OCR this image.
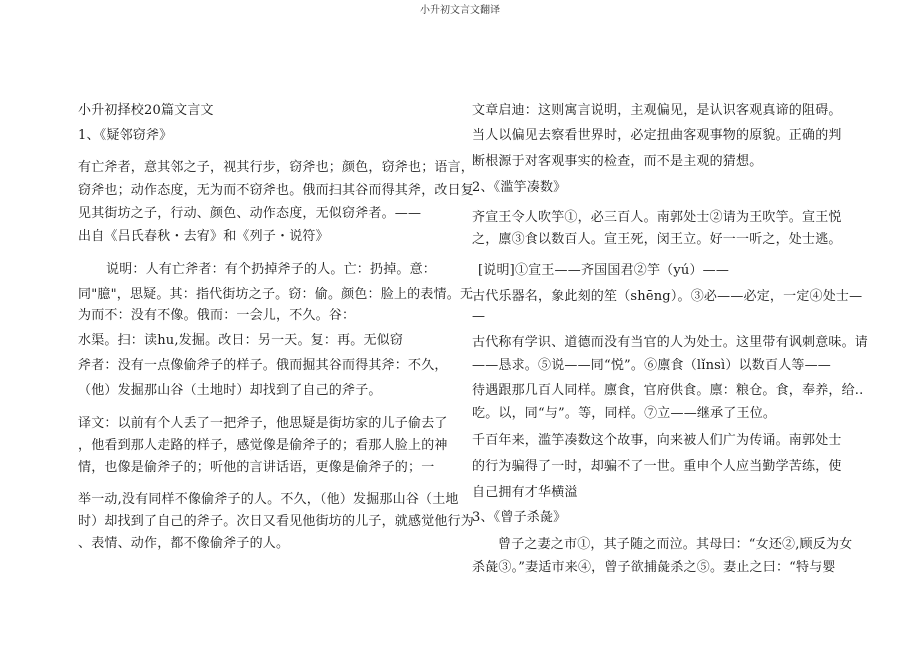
小升初文言文翻译
小升初择校20篇文言文
1、《疑邻窃斧》
有亡斧者，意其邻之子，视其行步，窃斧也；颜色，窃斧也；语言，
窃斧也；动作态度，无为而不窃斧也。俄而扫其谷而得其斧，改日复
见其街坊之子，行动、颜色、动作态度，无似窃斧者。——
出自《吕氏春秋・去宥》和《列子・说符》
说明：人有亡斧者：有个扔掉斧子的人。亡：扔掉。意：
同"臆"，思疑。其：指代街坊之子。窃：偷。颜色：脸上的表情。无
为而不：没有不像。俄而：一会儿，不久。谷：
水渠。扫：读hu,发掘。改日：另一天。复：再。无似窃
斧者：没有一点像偷斧子的样子。俄而掘其谷而得其斧：不久，
（他）发掘那山谷（土地时）却找到了自己的斧子。
译文：以前有个人丢了一把斧子，他思疑是街坊家的儿子偷去了
，他看到那人走路的样子，感觉像是偷斧子的；看那人脸上的神
情，也像是偷斧子的；听他的言讲话语，更像是偷斧子的；一
举一动,没有同样不像偷斧子的人。不久，（他）发掘那山谷（土地
时）却找到了自己的斧子。次日又看见他街坊的儿子，就感觉他行为
、表情、动作，都不像偷斧子的人。
文章启迪：这则寓言说明，主观偏见，是认识客观真谛的阻碍。
当人以偏见去察看世界时，必定扭曲客观事物的原貌。正确的判
断根源于对客观事实的检查，而不是主观的猜想。
2、《滥竽凑数》
齐宣王令人吹竽①，必三百人。南郭处士②请为王吹竽。宣王悦
之，廪③食以数百人。宣王死，闵王立。好一一听之，处士逃。
[说明]①宣王——齐国国君②竽（yú）——
古代乐器名，象此刻的笙（shēng）。③必——必定，一定④处士—
—
古代称有学识、道德而没有当官的人为处士。这里带有讽刺意味。请
——恳求。⑤说——同“悦”。⑥廪食（lǐnsì）以数百人等——
待遇跟那几百人同样。廪食，官府供食。廪：粮仓。食，奉养，给..
吃。以，同“与”。等，同样。⑦立——继承了王位。
千百年来，滥竽凑数这个故事，向来被人们广为传诵。南郭处士
的行为骗得了一时，却骗不了一世。重申个人应当勤学苦练，使
自己拥有才华横溢
3、《曾子杀彘》
曾子之妻之市①，其子随之而泣。其母曰：“女还②,顾反为女
杀彘③。”妻适市来④，曾子欲捕彘杀之⑤。妻止之曰：“特与婴
